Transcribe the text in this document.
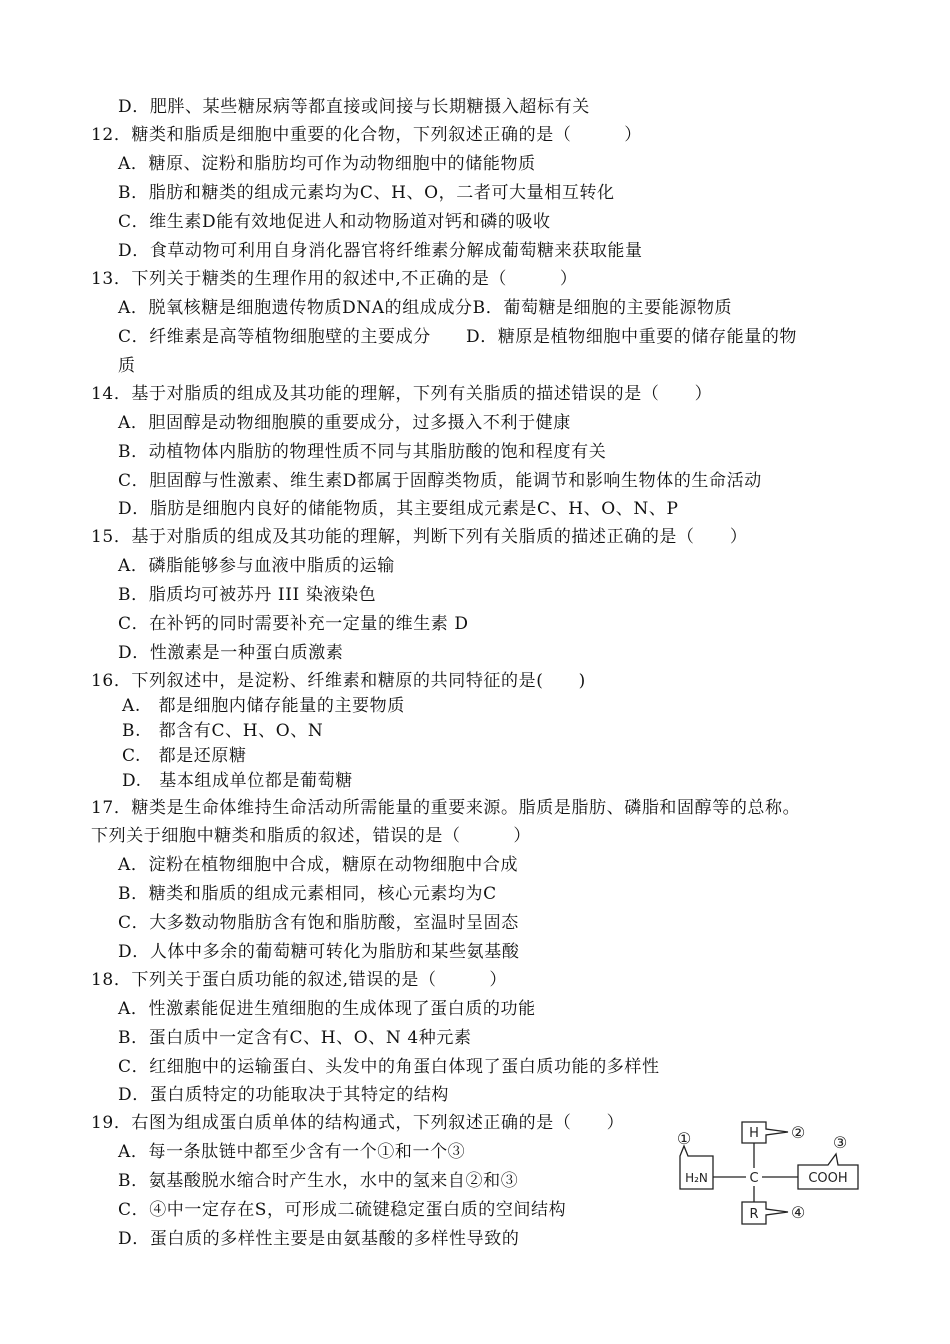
D．肥胖、某些糖尿病等都直接或间接与长期糖摄入超标有关
12．糖类和脂质是细胞中重要的化合物，下列叙述正确的是（　　　）
A．糖原、淀粉和脂肪均可作为动物细胞中的储能物质
B．脂肪和糖类的组成元素均为C、H、O，二者可大量相互转化
C．维生素D能有效地促进人和动物肠道对钙和磷的吸收
D．食草动物可利用自身消化器官将纤维素分解成葡萄糖来获取能量
13．下列关于糖类的生理作用的叙述中,不正确的是（　　　）
A．脱氧核糖是细胞遗传物质DNA的组成成分B．葡萄糖是细胞的主要能源物质
C．纤维素是高等植物细胞壁的主要成分　　D．糖原是植物细胞中重要的储存能量的物
质
14．基于对脂质的组成及其功能的理解，下列有关脂质的描述错误的是（　　）
A．胆固醇是动物细胞膜的重要成分，过多摄入不利于健康
B．动植物体内脂肪的物理性质不同与其脂肪酸的饱和程度有关
C．胆固醇与性激素、维生素D都属于固醇类物质，能调节和影响生物体的生命活动
D．脂肪是细胞内良好的储能物质，其主要组成元素是C、H、O、N、P
15．基于对脂质的组成及其功能的理解，判断下列有关脂质的描述正确的是（　　）
A．磷脂能够参与血液中脂质的运输
B．脂质均可被苏丹 III 染液染色
C．在补钙的同时需要补充一定量的维生素 D
D．性激素是一种蛋白质激素
16．下列叙述中，是淀粉、纤维素和糖原的共同特征的是(　　)
A.　都是细胞内储存能量的主要物质
B.　都含有C、H、O、N
C.　都是还原糖
D.　基本组成单位都是葡萄糖
17．糖类是生命体维持生命活动所需能量的重要来源。脂质是脂肪、磷脂和固醇等的总称。
下列关于细胞中糖类和脂质的叙述，错误的是（　　　）
A．淀粉在植物细胞中合成，糖原在动物细胞中合成
B．糖类和脂质的组成元素相同，核心元素均为C
C．大多数动物脂肪含有饱和脂肪酸，室温时呈固态
D．人体中多余的葡萄糖可转化为脂肪和某些氨基酸
18．下列关于蛋白质功能的叙述,错误的是（　　　）
A．性激素能促进生殖细胞的生成体现了蛋白质的功能
B．蛋白质中一定含有C、H、O、N 4种元素
C．红细胞中的运输蛋白、头发中的角蛋白体现了蛋白质功能的多样性
D．蛋白质特定的功能取决于其特定的结构
19．右图为组成蛋白质单体的结构通式，下列叙述正确的是（　　）
A．每一条肽链中都至少含有一个①和一个③
B．氨基酸脱水缩合时产生水，水中的氢来自②和③
C．④中一定存在S，可形成二硫键稳定蛋白质的空间结构
D．蛋白质的多样性主要是由氨基酸的多样性导致的
C
H
R
H₂N	COOH
①	②
③
④
